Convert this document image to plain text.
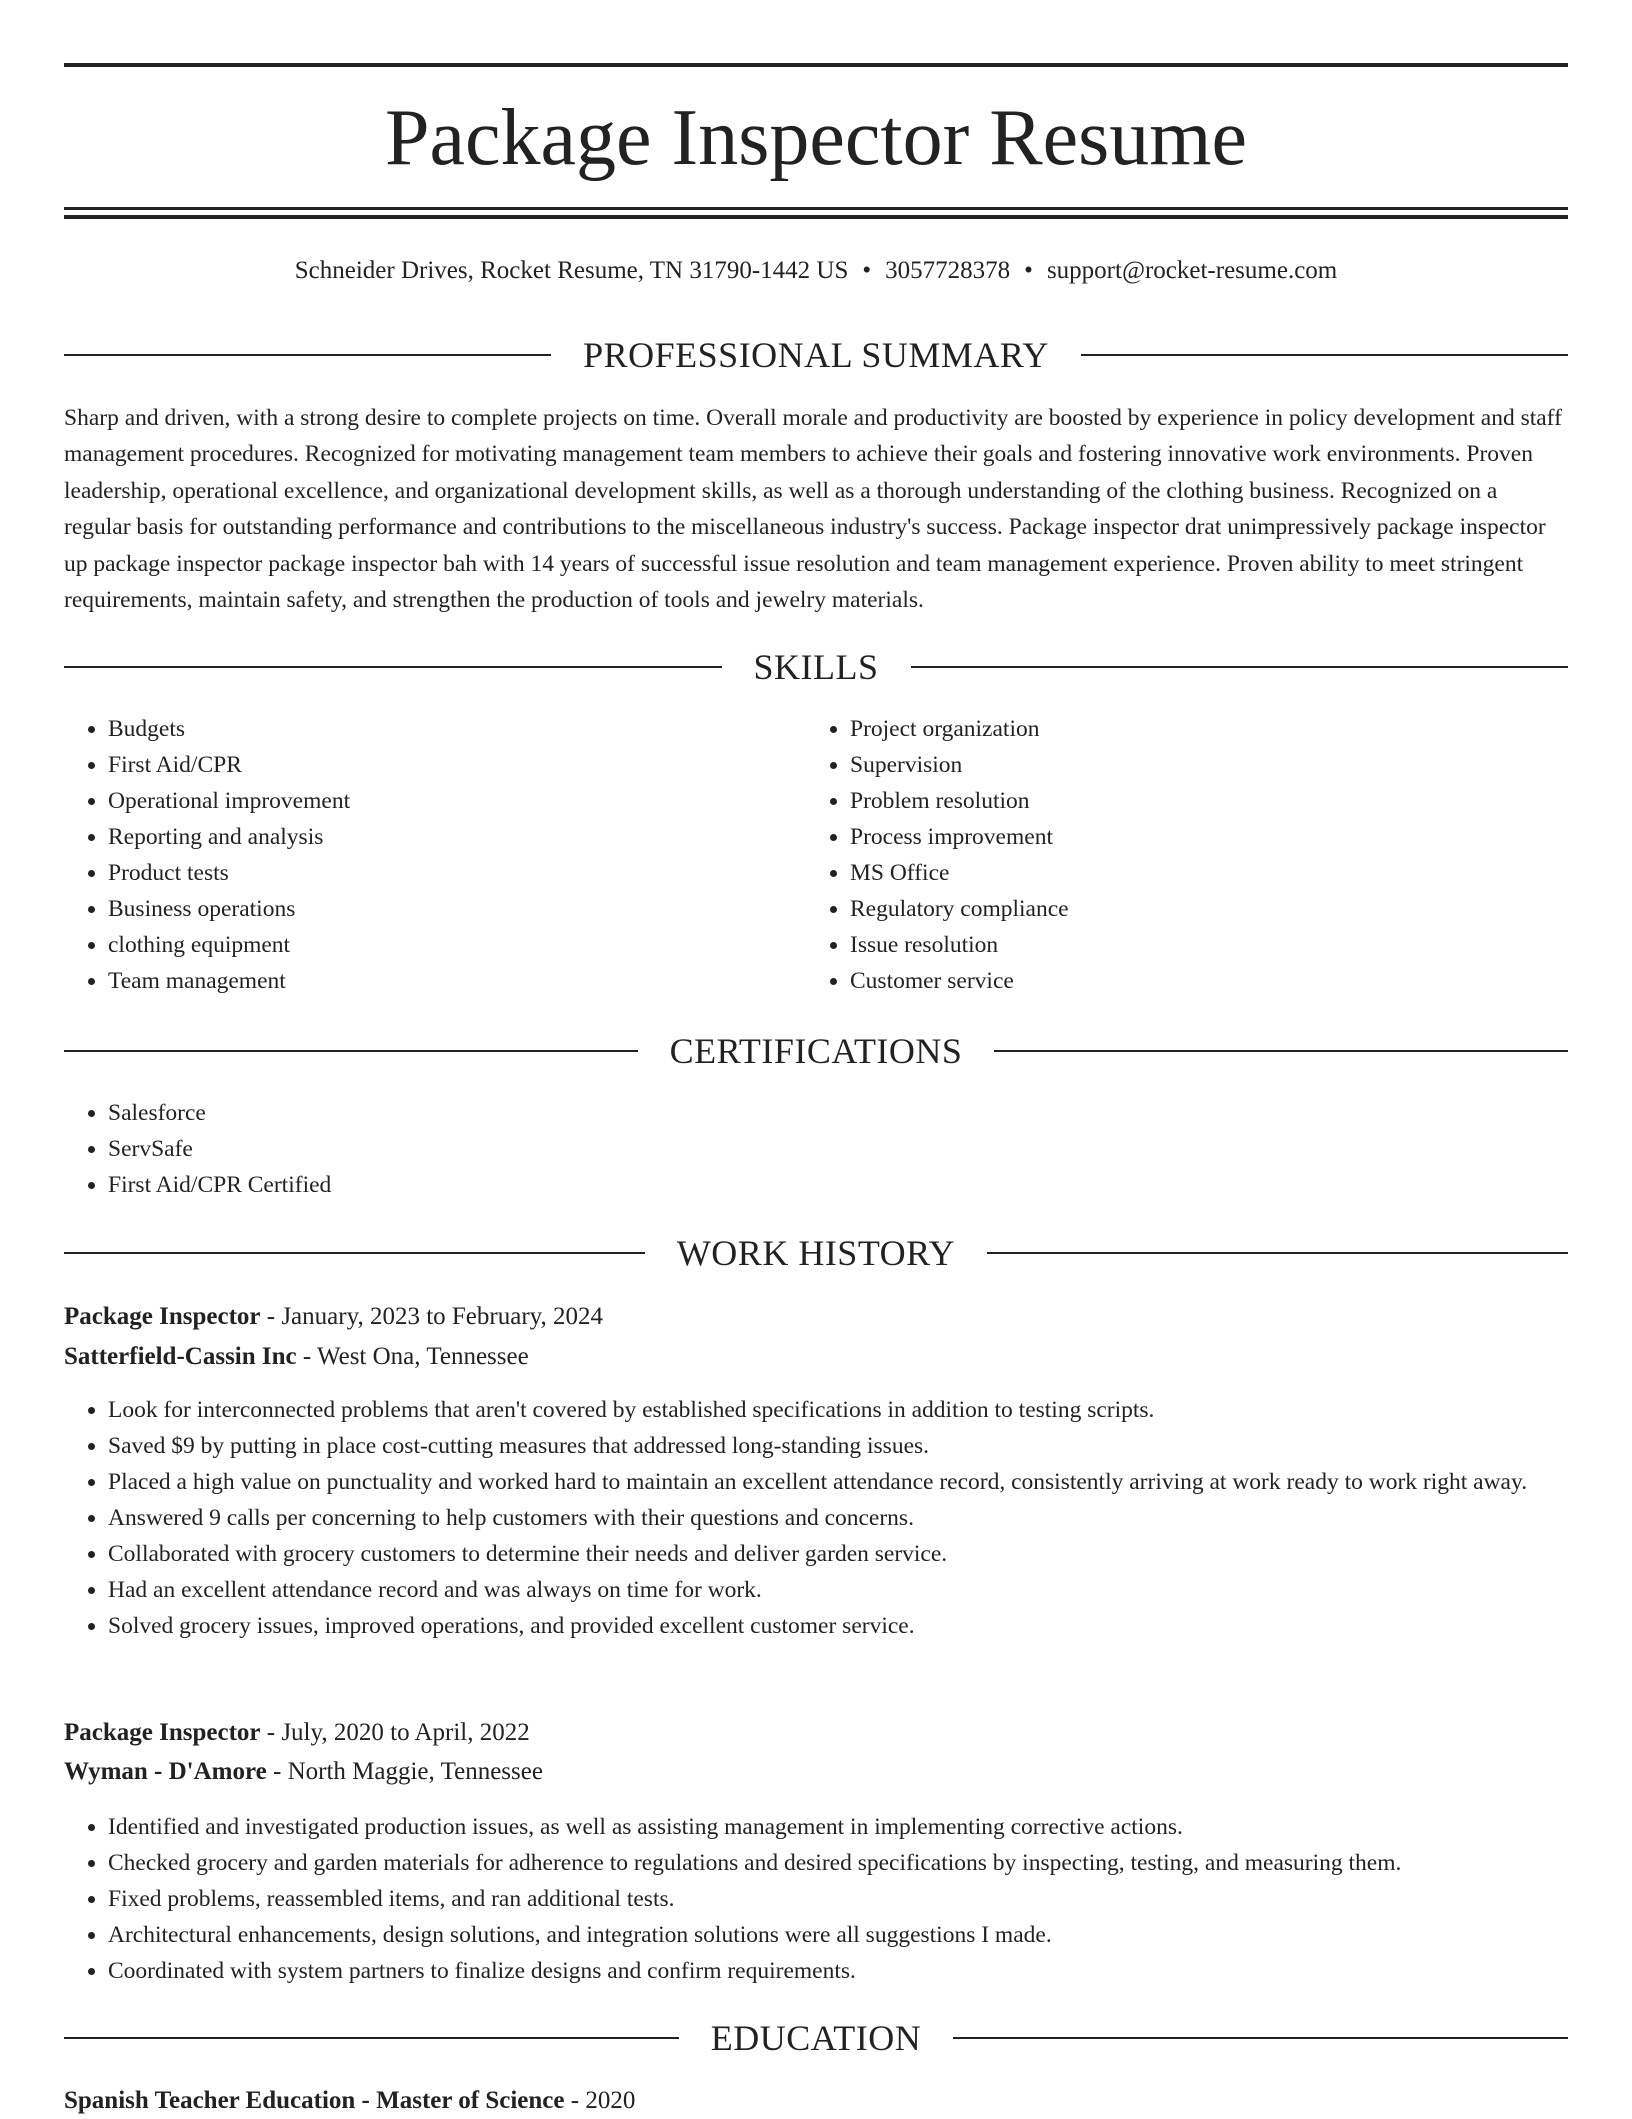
Package Inspector Resume
Schneider Drives, Rocket Resume, TN 31790-1442 US • 3057728378 • support@rocket-resume.com
PROFESSIONAL SUMMARY

Sharp and driven, with a strong desire to complete projects on time. Overall morale and productivity are boosted by experience in policy development and staff management procedures. Recognized for motivating management team members to achieve their goals and fostering innovative work environments. Proven leadership, operational excellence, and organizational development skills, as well as a thorough understanding of the clothing business. Recognized on a regular basis for outstanding performance and contributions to the miscellaneous industry's success. Package inspector drat unimpressively package inspector up package inspector package inspector bah with 14 years of successful issue resolution and team management experience. Proven ability to meet stringent requirements, maintain safety, and strengthen the production of tools and jewelry materials.

SKILLS
• Budgets
• First Aid/CPR
• Operational improvement
• Reporting and analysis
• Product tests
• Business operations
• clothing equipment
• Team management
• Project organization
• Supervision
• Problem resolution
• Process improvement
• MS Office
• Regulatory compliance
• Issue resolution
• Customer service
CERTIFICATIONS
• Salesforce
• ServSafe
• First Aid/CPR Certified
WORK HISTORY
Package Inspector - January, 2023 to February, 2024
Satterfield-Cassin Inc - West Ona, Tennessee
• Look for interconnected problems that aren't covered by established specifications in addition to testing scripts.
• Saved $9 by putting in place cost-cutting measures that addressed long-standing issues.
• Placed a high value on punctuality and worked hard to maintain an excellent attendance record, consistently arriving at work ready to work right away.
• Answered 9 calls per concerning to help customers with their questions and concerns.
• Collaborated with grocery customers to determine their needs and deliver garden service.
• Had an excellent attendance record and was always on time for work.
• Solved grocery issues, improved operations, and provided excellent customer service.
Package Inspector - July, 2020 to April, 2022
Wyman - D'Amore - North Maggie, Tennessee
• Identified and investigated production issues, as well as assisting management in implementing corrective actions.
• Checked grocery and garden materials for adherence to regulations and desired specifications by inspecting, testing, and measuring them.
• Fixed problems, reassembled items, and ran additional tests.
• Architectural enhancements, design solutions, and integration solutions were all suggestions I made.
• Coordinated with system partners to finalize designs and confirm requirements.
EDUCATION
Spanish Teacher Education - Master of Science - 2020
